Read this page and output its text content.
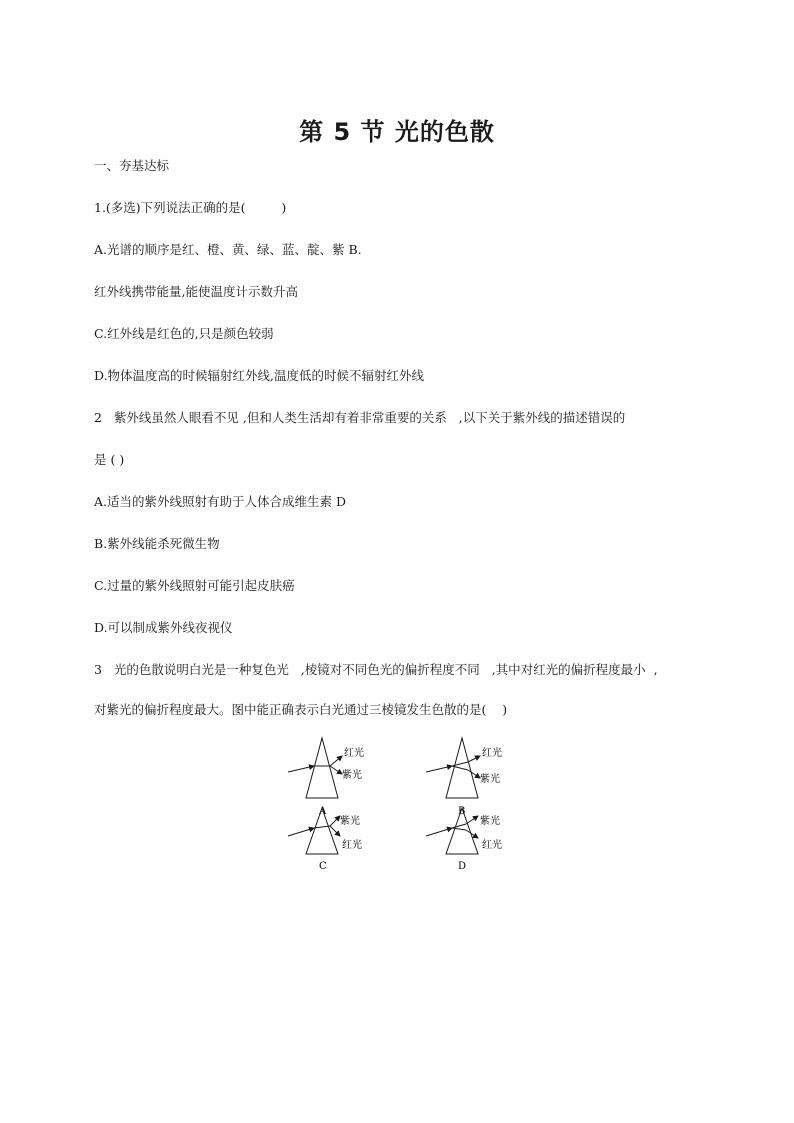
第 5 节 光的色散
一、夯基达标
1.(多选)下列说法正确的是(         )
A.光谱的顺序是红、橙、黄、绿、蓝、靛、紫 B.
红外线携带能量,能使温度计示数升高
C.红外线是红色的,只是颜色较弱
D.物体温度高的时候辐射红外线,温度低的时候不辐射红外线
2   紫外线虽然人眼看不见 ,但和人类生活却有着非常重要的关系   ,以下关于紫外线的描述错误的
是 ( )
A.适当的紫外线照射有助于人体合成维生素 D
B.紫外线能杀死微生物
C.过量的紫外线照射可能引起皮肤癌
D.可以制成紫外线夜视仪
3   光的色散说明白光是一种复色光   ,棱镜对不同色光的偏折程度不同   ,其中对红光的偏折程度最小  ,
对紫光的偏折程度最大。图中能正确表示白光通过三棱镜发生色散的是(    )
红光
紫光
A
红光
紫光
B
紫光
红光
C
紫光
红光
D
